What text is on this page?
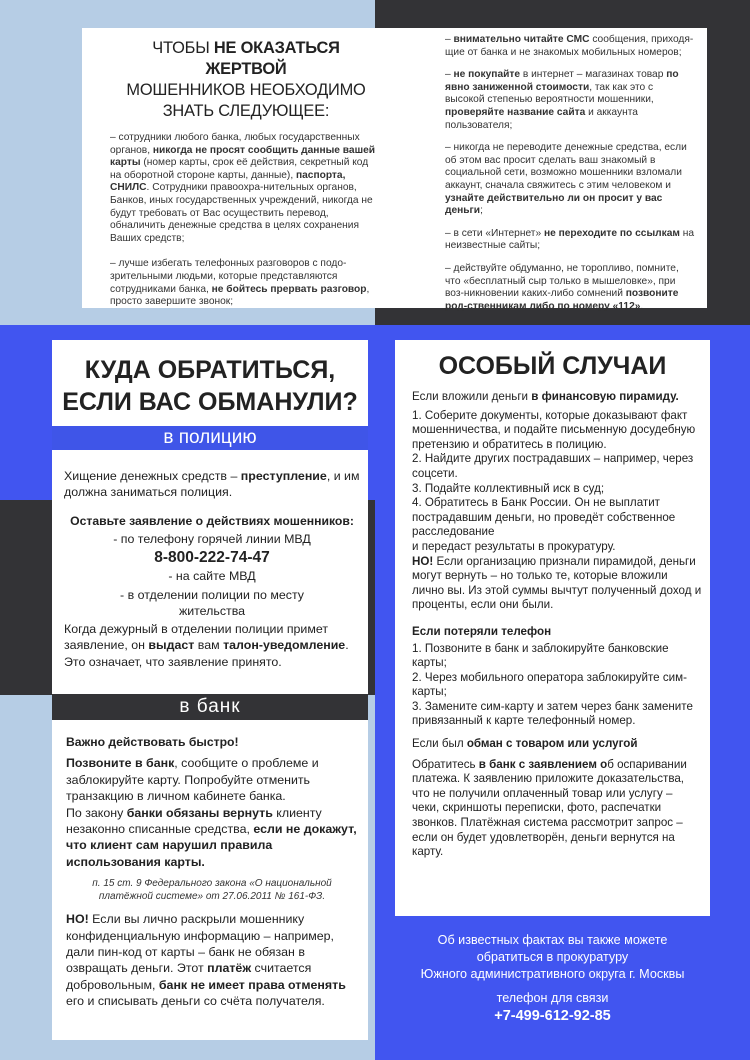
ЧТОБЫ НЕ ОКАЗАТЬСЯ ЖЕРТВОЙ
МОШЕННИКОВ НЕОБХОДИМО
ЗНАТЬ СЛЕДУЮЩЕЕ:

– сотрудники любого банка, любых государственных органов, никогда не просят сообщить данные вашей карты (номер карты, срок её действия, секретный код на оборотной стороне карты, данные), паспорта, СНИЛС. Сотрудники правоохра-нительных органов, Банков, иных государственных учреждений, никогда не будут требовать от Вас осуществить перевод, обналичить денежные средства в целях сохранения Ваших средств;

– лучше избегать телефонных разговоров с подо-зрительными людьми, которые представляются сотрудниками банка, не бойтесь прервать разговор, просто завершите звонок;

– внимательно читайте СМС сообщения, приходя-щие от банка и не знакомых мобильных номеров;

– не покупайте в интернет – магазинах товар по явно заниженной стоимости, так как это с высокой степенью вероятности мошенники, проверяйте название сайта и аккаунта пользователя;

– никогда не переводите денежные средства, если об этом вас просит сделать ваш знакомый в социальной сети, возможно мошенники взломали аккаунт, сначала свяжитесь с этим человеком и узнайте действительно ли он просит у вас деньги;

– в сети «Интернет» не переходите по ссылкам на неизвестные сайты;

– действуйте обдуманно, не торопливо, помните, что «бесплатный сыр только в мышеловке», при воз-никновении каких-либо сомнений позвоните род-ственникам либо по номеру «112».

КУДА ОБРАТИТЬСЯ,
ЕСЛИ ВАС ОБМАНУЛИ?
в полицию

Хищение денежных средств – преступление, и им должна заниматься полиция.

Оставьте заявление о действиях мошенников:
- по телефону горячей линии МВД
8-800-222-74-47
- на сайте МВД
- в отделении полиции по месту
жительства

Когда дежурный в отделении полиции примет заявление, он выдаст вам талон-уведомление. Это означает, что заявление принято.

в банк

Важно действовать быстро!

Позвоните в банк, сообщите о проблеме и заблокируйте карту. Попробуйте отменить транзакцию в личном кабинете банка.

По закону банки обязаны вернуть клиенту незаконно списанные средства, если не докажут, что клиент сам нарушил правила использования карты.

п. 15 ст. 9 Федерального закона «О национальной
платёжной системе» от 27.06.2011 № 161-ФЗ.

НО! Если вы лично раскрыли мошеннику конфиденциальную информацию – например, дали пин-код от карты – банк не обязан в озвращать деньги. Этот платёж считается добровольным, банк не имеет права отменять его и списывать деньги со счёта получателя.

ОСОБЫЙ СЛУЧАИ

Если вложили деньги в финансовую пирамиду.

1. Соберите документы, которые доказывают факт мошенничества, и подайте письменную досудебную претензию и обратитесь в полицию.

2. Найдите других пострадавших – например, через соцсети.

3. Подайте коллективный иск в суд;

4. Обратитесь в Банк России. Он не выплатит пострадавшим деньги, но проведёт собственное расследование

и передаст результаты в прокуратуру.

НО! Если организацию признали пирамидой, деньги могут вернуть – но только те, которые вложили лично вы. Из этой суммы вычтут полученный доход и проценты, если они были.

Если потеряли телефон

1. Позвоните в банк и заблокируйте банковские карты;

2. Через мобильного оператора заблокируйте сим-карты;

3. Замените сим-карту и затем через банк замените привязанный к карте телефонный номер.

Если был обман с товаром или услугой

Обратитесь в банк с заявлением об оспаривании платежа. К заявлению приложите доказательства, что не получили оплаченный товар или услугу – чеки, скриншоты переписки, фото, распечатки звонков. Платёжная система рассмотрит запрос – если он будет удовлетворён, деньги вернутся на карту.

Об известных фактах вы также можете
обратиться в прокуратуру
Южного административного округа г. Москвы
телефон для связи
+7-499-612-92-85
